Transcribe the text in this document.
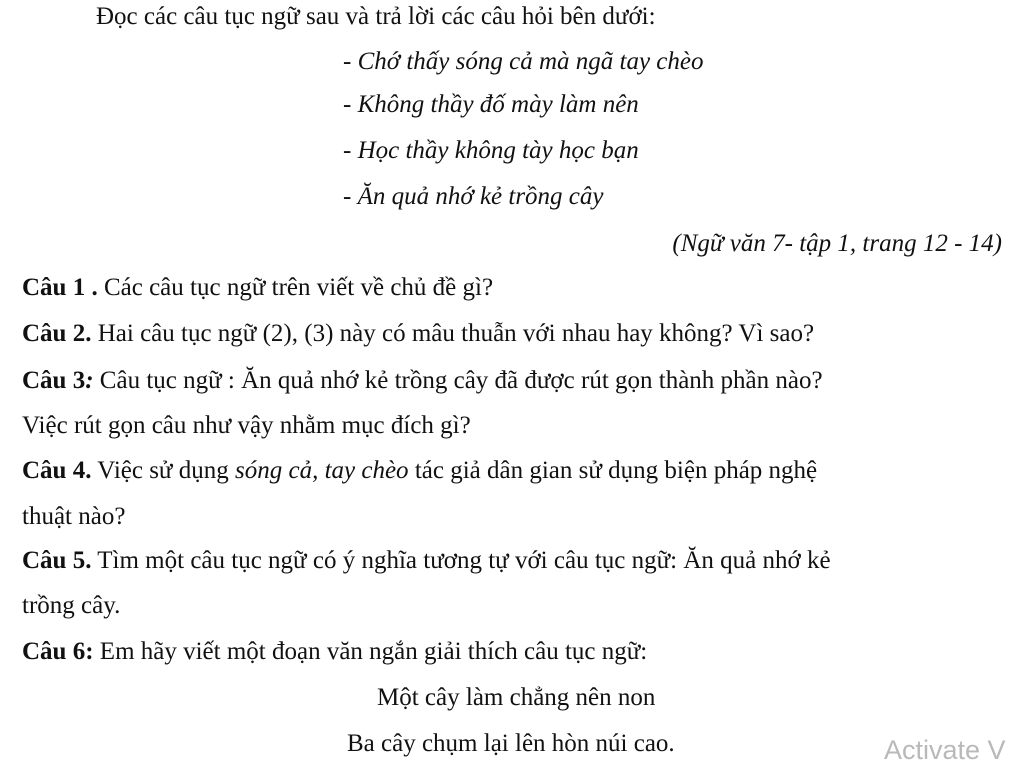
Đọc các câu tục ngữ sau và trả lời các câu hỏi bên dưới:
- Chớ thấy sóng cả mà ngã tay chèo
- Không thầy đố mày làm nên
- Học thầy không tày học bạn
- Ăn quả nhớ kẻ trồng cây
(Ngữ văn 7- tập 1, trang 12 - 14)
Câu 1 . Các câu tục ngữ trên viết về chủ đề gì?
Câu 2. Hai câu tục ngữ (2), (3) này có mâu thuẫn với nhau hay không? Vì sao?
Câu 3: Câu tục ngữ : Ăn quả nhớ kẻ trồng cây đã được rút gọn thành phần nào?
Việc rút gọn câu như vậy nhằm mục đích gì?
Câu 4. Việc sử dụng sóng cả, tay chèo tác giả dân gian sử dụng biện pháp nghệ
thuật nào?
Câu 5. Tìm một câu tục ngữ có ý nghĩa tương tự với câu tục ngữ: Ăn quả nhớ kẻ
trồng cây.
Câu 6: Em hãy viết một đoạn văn ngắn giải thích câu tục ngữ:
Một cây làm chẳng nên non
Ba cây chụm lại lên hòn núi cao.	Activate V
